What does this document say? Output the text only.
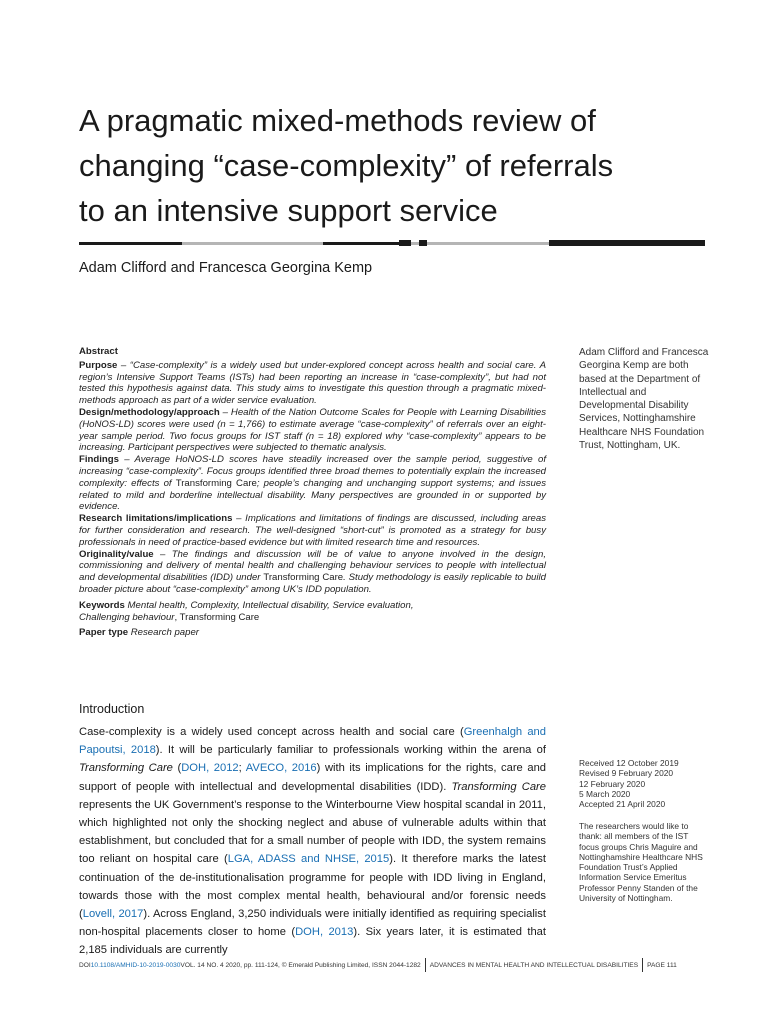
A pragmatic mixed-methods review of
changing “case-complexity” of referrals
to an intensive support service
Adam Clifford and Francesca Georgina Kemp

Abstract

Purpose – “Case-complexity” is a widely used but under-explored concept across health and social care. A region’s Intensive Support Teams (ISTs) had been reporting an increase in “case-complexity”, but had not tested this hypothesis against data. This study aims to investigate this question through a pragmatic mixed-methods approach as part of a wider service evaluation.

Design/methodology/approach – Health of the Nation Outcome Scales for People with Learning Disabilities (HoNOS-LD) scores were used (n = 1,766) to estimate average “case-complexity” of referrals over an eight-year sample period. Two focus groups for IST staff (n = 18) explored why “case-complexity” appears to be increasing. Participant perspectives were subjected to thematic analysis.

Findings – Average HoNOS-LD scores have steadily increased over the sample period, suggestive of increasing “case-complexity”. Focus groups identified three broad themes to potentially explain the increased complexity: effects of Transforming Care; people’s changing and unchanging support systems; and issues related to mild and borderline intellectual disability. Many perspectives are grounded in or supported by evidence.

Research limitations/implications – Implications and limitations of findings are discussed, including areas for further consideration and research. The well-designed “short-cut” is promoted as a strategy for busy professionals in need of practice-based evidence but with limited research time and resources.

Originality/value – The findings and discussion will be of value to anyone involved in the design, commissioning and delivery of mental health and challenging behaviour services to people with intellectual and developmental disabilities (IDD) under Transforming Care. Study methodology is easily replicable to build broader picture about “case-complexity” among UK’s IDD population.

Keywords Mental health, Complexity, Intellectual disability, Service evaluation,
Challenging behaviour, Transforming Care

Paper type Research paper

Adam Clifford and Francesca Georgina Kemp are both based at the Department of Intellectual and Developmental Disability Services, Nottinghamshire Healthcare NHS Foundation Trust, Nottingham, UK.
Received 12 October 2019
Revised 9 February 2020
12 February 2020
5 March 2020
Accepted 21 April 2020
The researchers would like to thank: all members of the IST focus groups Chris Maguire and Nottinghamshire Healthcare NHS Foundation Trust’s Applied Information Service Emeritus Professor Penny Standen of the University of Nottingham.
Introduction

Case-complexity is a widely used concept across health and social care (Greenhalgh and Papoutsi, 2018). It will be particularly familiar to professionals working within the arena of Transforming Care (DOH, 2012; AVECO, 2016) with its implications for the rights, care and support of people with intellectual and developmental disabilities (IDD). Transforming Care represents the UK Government’s response to the Winterbourne View hospital scandal in 2011, which highlighted not only the shocking neglect and abuse of vulnerable adults within that establishment, but concluded that for a small number of people with IDD, the system remains too reliant on hospital care (LGA, ADASS and NHSE, 2015). It therefore marks the latest continuation of the de-institutionalisation programme for people with IDD living in England, towards those with the most complex mental health, behavioural and/or forensic needs (Lovell, 2017). Across England, 3,250 individuals were initially identified as requiring specialist non-hospital placements closer to home (DOH, 2013). Six years later, it is estimated that 2,185 individuals are currently

DOI 10.1108/AMHID-10-2019-0030 VOL. 14 NO. 4 2020, pp. 111-124, © Emerald Publishing Limited, ISSN 2044-1282 ADVANCES IN MENTAL HEALTH AND INTELLECTUAL DISABILITIES PAGE 111
